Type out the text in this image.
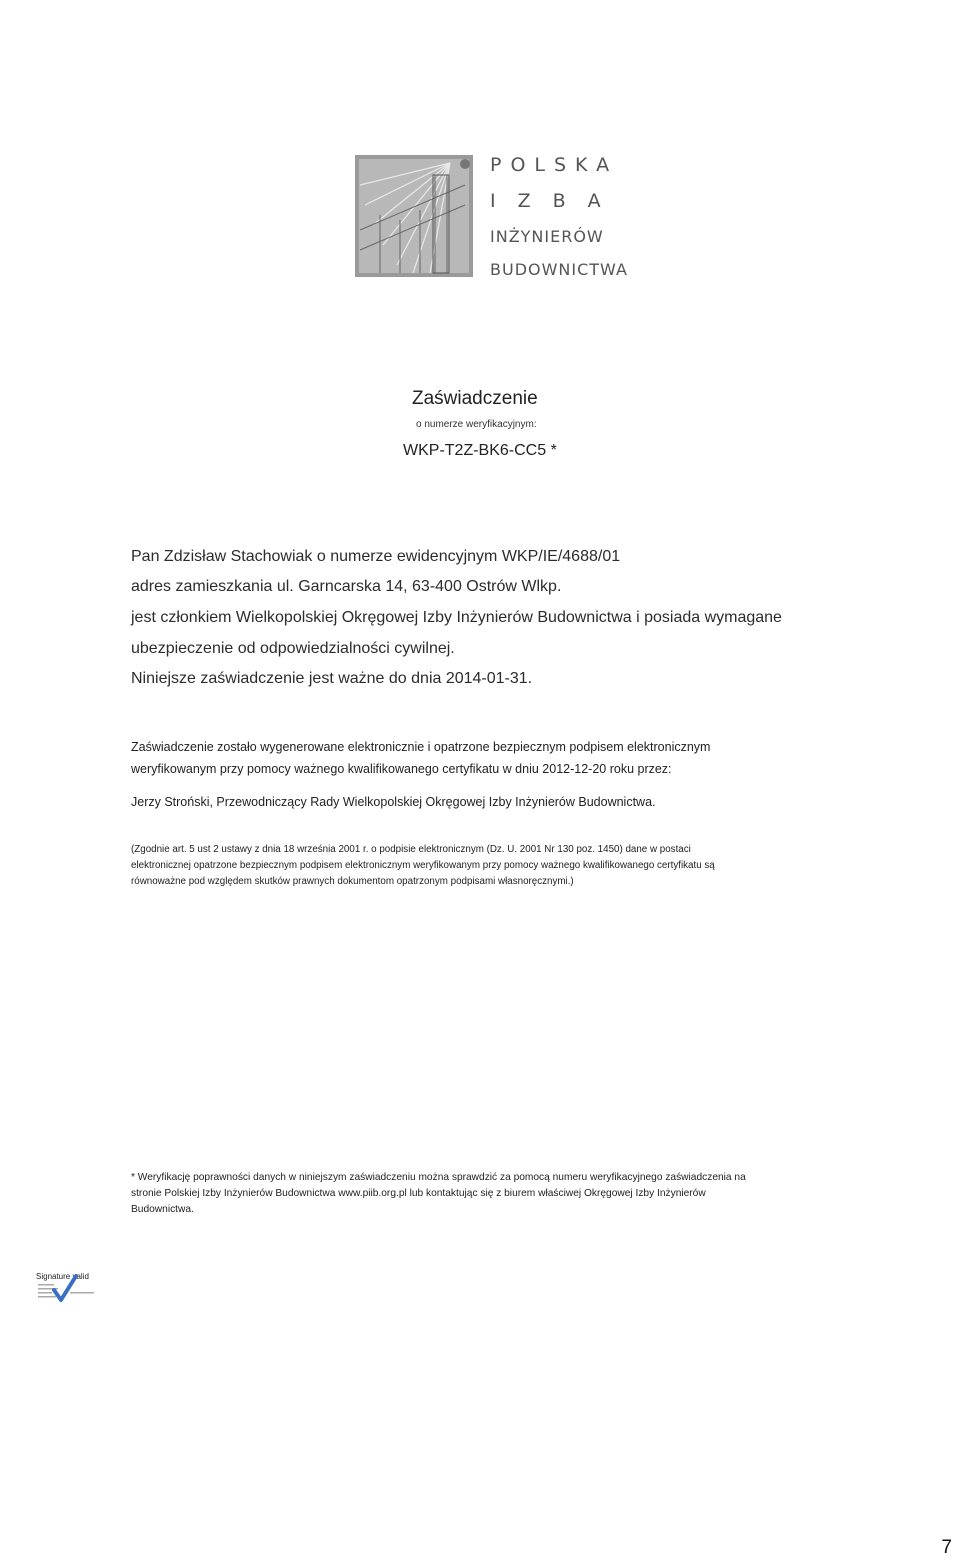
POLSKA
IZBA
INŻYNIERÓW
BUDOWNICTWA
Zaświadczenie
o numerze weryfikacyjnym:
WKP-T2Z-BK6-CC5 *
Pan Zdzisław Stachowiak o numerze ewidencyjnym WKP/IE/4688/01
adres zamieszkania ul. Garncarska 14, 63-400 Ostrów Wlkp.
jest członkiem Wielkopolskiej Okręgowej Izby Inżynierów Budownictwa i posiada wymagane
ubezpieczenie od odpowiedzialności cywilnej.
Niniejsze zaświadczenie jest ważne do dnia 2014-01-31.
Zaświadczenie zostało wygenerowane elektronicznie i opatrzone bezpiecznym podpisem elektronicznym
weryfikowanym przy pomocy ważnego kwalifikowanego certyfikatu w dniu 2012-12-20 roku przez:
Jerzy Stroński, Przewodniczący Rady Wielkopolskiej Okręgowej Izby Inżynierów Budownictwa.
(Zgodnie art. 5 ust 2 ustawy z dnia 18 września 2001 r. o podpisie elektronicznym (Dz. U. 2001 Nr 130 poz. 1450) dane w postaci
elektronicznej opatrzone bezpiecznym podpisem elektronicznym weryfikowanym przy pomocy ważnego kwalifikowanego certyfikatu są
równoważne pod względem skutków prawnych dokumentom opatrzonym podpisami własnoręcznymi.)
* Weryfikację poprawności danych w niniejszym zaświadczeniu można sprawdzić za pomocą numeru weryfikacyjnego zaświadczenia na
stronie Polskiej Izby Inżynierów Budownictwa www.piib.org.pl lub kontaktując się z biurem właściwej Okręgowej Izby Inżynierów
Budownictwa.
Signature valid
7
